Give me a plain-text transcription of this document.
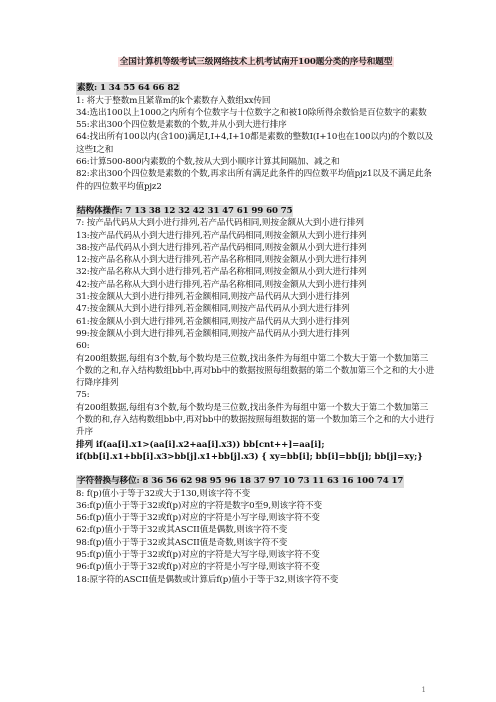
全国计算机等级考试三级网络技术上机考试南开100题分类的序号和题型
素数: 1 34 55 64 66 82
1: 将大于整数m且紧靠m的k个素数存入数组xx传回
34:选出100以上1000之内所有个位数字与十位数字之和被10除所得余数恰是百位数字的素数
55:求出300个四位数是素数的个数,并从小到大进行排序
64:找出所有100以内(含100)满足I,I+4,I+10都是素数的整数I(I+10也在100以内)的个数以及这些I之和
66:计算500-800内素数的个数,按从大到小顺序计算其间隔加、减之和
82:求出300个四位数是素数的个数,再求出所有满足此条件的四位数平均值pjz1以及不满足此条件的四位数平均值pjz2
结构体操作: 7 13 38 12 32 42 31 47 61 99 60 75
7: 按产品代码从大到小进行排列,若产品代码相同,则按金额从大到小进行排列
13:按产品代码从小到大进行排列,若产品代码相同,则按金额从大到小进行排列
38:按产品代码从小到大进行排列,若产品代码相同,则按金额从小到大进行排列
12:按产品名称从小到大进行排列,若产品名称相同,则按金额从小到大进行排列
32:按产品名称从大到小进行排列,若产品名称相同,则按金额从小到大进行排列
42:按产品名称从大到小进行排列,若产品名称相同,则按金额从大到小进行排列
31:按金额从大到小进行排列,若金额相同,则按产品代码从大到小进行排列
47:按金额从大到小进行排列,若金额相同,则按产品代码从小到大进行排列
61:按金额从小到大进行排列,若金额相同,则按产品代码从大到小进行排列
99:按金额从小到大进行排列,若金额相同,则按产品代码从小到大进行排列
60:
有200组数据,每组有3个数,每个数均是三位数,找出条件为每组中第二个数大于第一个数加第三个数的之和,存入结构数组bb中,再对bb中的数据按照每组数据的第二个数加第三个之和的大小进行降序排列
75:
有200组数据,每组有3个数,每个数均是三位数,找出条件为每组中第一个数大于第二个数加第三个数的和,存入结构数组bb中,再对bb中的数据按照每组数据的第一个数加第三个之和的大小进行升序
排列 if(aa[i].x1>(aa[i].x2+aa[i].x3)) bb[cnt++]=aa[i];
if(bb[i].x1+bb[i].x3>bb[j].x1+bb[j].x3) { xy=bb[i]; bb[i]=bb[j]; bb[j]=xy;}
字符替换与移位: 8 36 56 62 98 95 96 18 37 97 10 73 11 63 16 100 74 17
8: f(p)值小于等于32或大于130,则该字符不变
36:f(p)值小于等于32或f(p)对应的字符是数字0至9,则该字符不变
56:f(p)值小于等于32或f(p)对应的字符是小写字母,则该字符不变
62:f(p)值小于等于32或其ASCII值是偶数,则该字符不变
98:f(p)值小于等于32或其ASCII值是奇数,则该字符不变
95:f(p)值小于等于32或f(p)对应的字符是大写字母,则该字符不变
96:f(p)值小于等于32或f(p)对应的字符是小写字母,则该字符不变
18:原字符的ASCII值是偶数或计算后f(p)值小于等于32,则该字符不变
1
